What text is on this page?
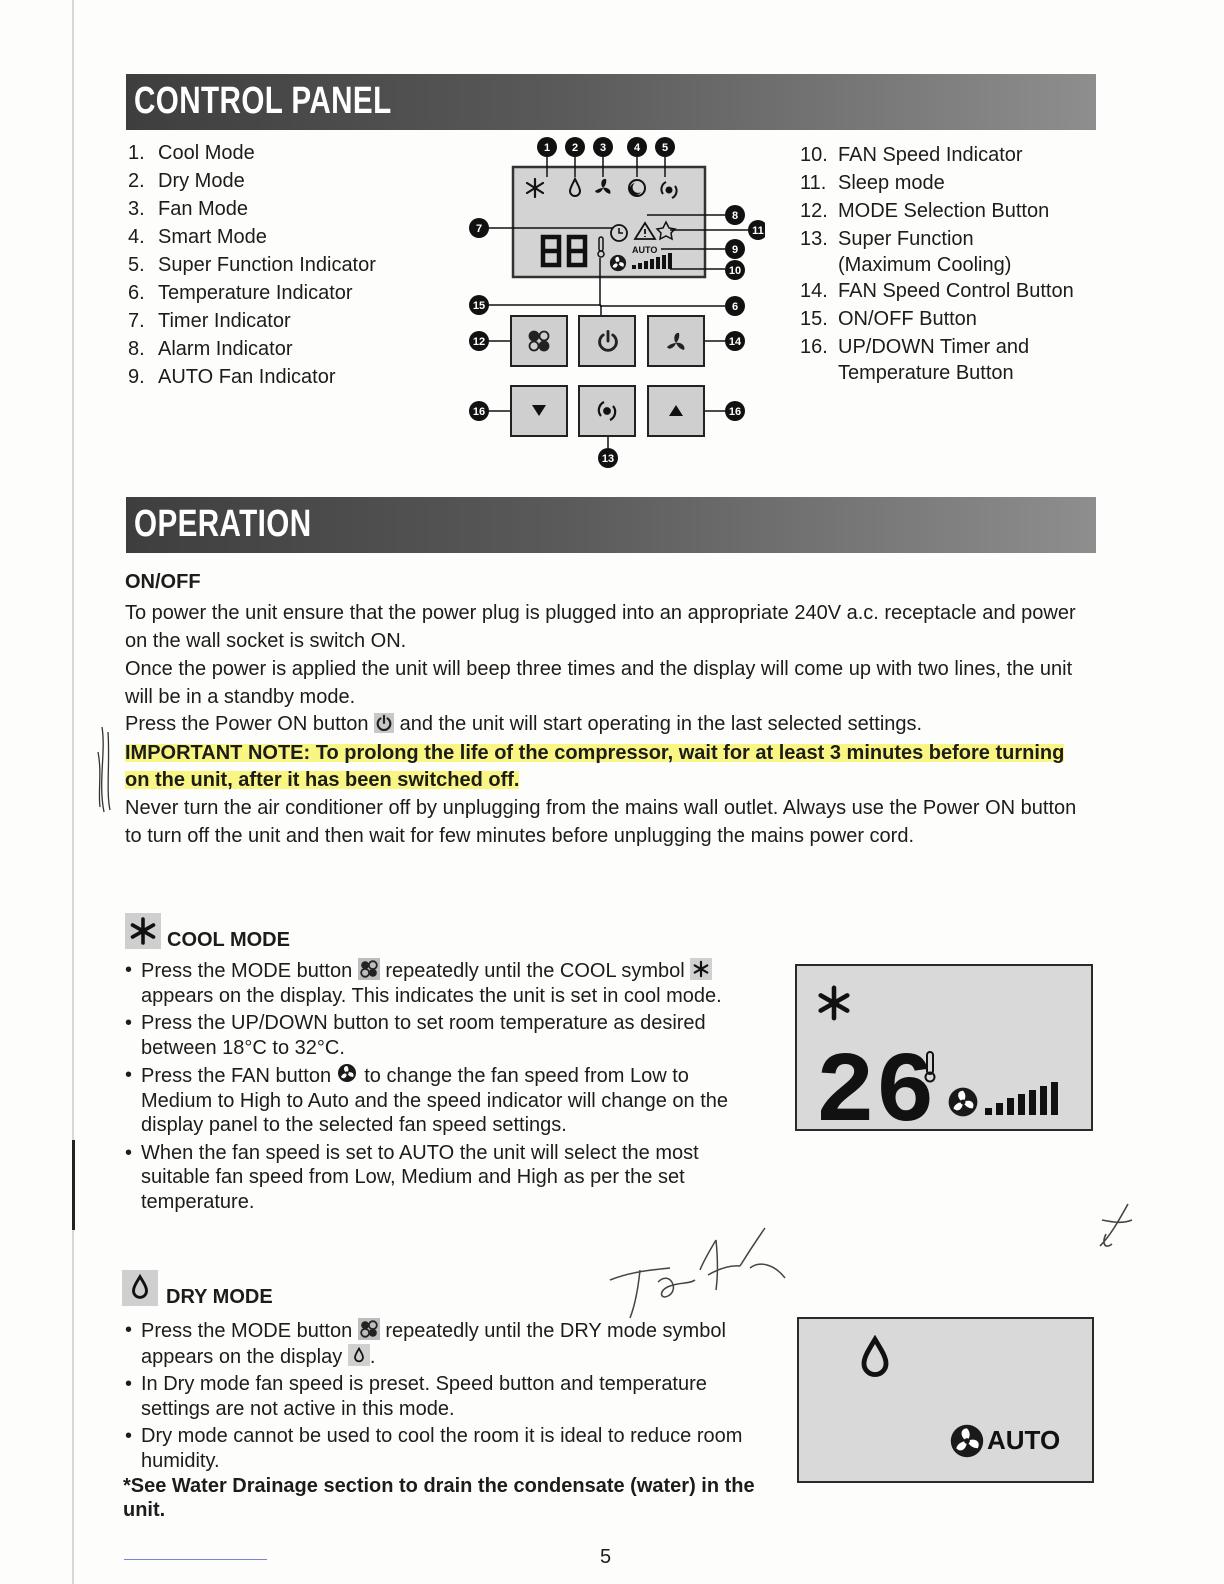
CONTROL PANEL
1. Cool Mode
2. Dry Mode
3. Fan Mode
4. Smart Mode
5. Super Function Indicator
6. Temperature Indicator
7. Timer Indicator
8. Alarm Indicator
9. AUTO Fan Indicator
10. FAN Speed Indicator
11. Sleep mode
12. MODE Selection Button
13. Super Function
(Maximum Cooling)
14. FAN Speed Control Button
15. ON/OFF Button
16. UP/DOWN Timer and
Temperature Button
AUTO
1 2 3	4 5
6
7
8
9
10
11
12
13
14
15
16	16
OPERATION
ON/OFF
To power the unit ensure that the power plug is plugged into an appropriate 240V a.c. receptacle and power on the wall socket is switch ON.
Once the power is applied the unit will beep three times and the display will come up with two lines, the unit will be in a standby mode.
Press the Power ON button and the unit will start operating in the last selected settings.
IMPORTANT NOTE: To prolong the life of the compressor, wait for at least 3 minutes before turning on the unit, after it has been switched off.
Never turn the air conditioner off by unplugging from the mains wall outlet. Always use the Power ON button to turn off the unit and then wait for few minutes before unplugging the mains power cord.
COOL MODE
• Press the MODE button repeatedly until the COOL symbol  appears on the display. This indicates the unit is set in cool mode.
• Press the UP/DOWN button to set room temperature as desired between 18°C to 32°C.
• Press the FAN button to change the fan speed from Low to Medium to High to Auto and the speed indicator will change on the display panel to the selected fan speed settings.
• When the fan speed is set to AUTO the unit will select the most suitable fan speed from Low, Medium and High as per the set temperature.
26
DRY MODE
• Press the MODE button repeatedly until the DRY mode symbol appears on the display .
• In Dry mode fan speed is preset. Speed button and temperature settings are not active in this mode.
• Dry mode cannot be used to cool the room it is ideal to reduce room humidity.
*See Water Drainage section to drain the condensate (water) in the unit.
AUTO
5
